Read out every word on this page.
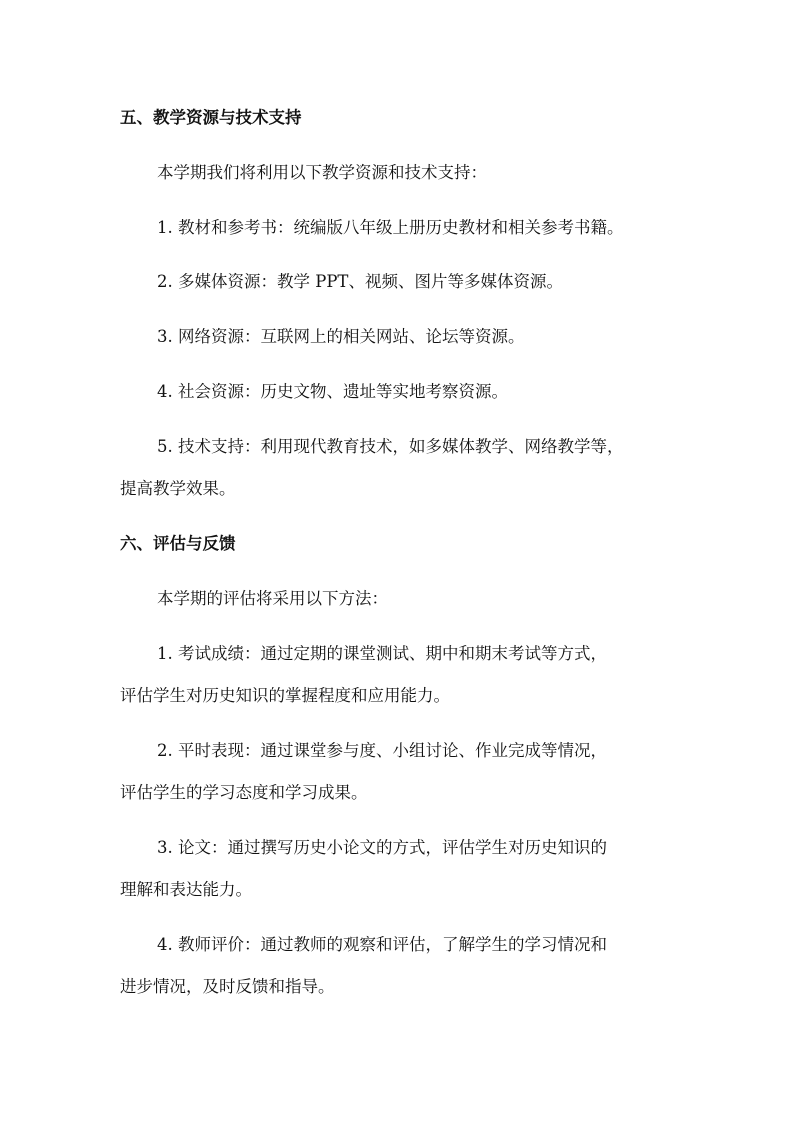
五、教学资源与技术支持
本学期我们将利用以下教学资源和技术支持：
1. 教材和参考书：统编版八年级上册历史教材和相关参考书籍。
2. 多媒体资源：教学 PPT、视频、图片等多媒体资源。
3. 网络资源：互联网上的相关网站、论坛等资源。
4. 社会资源：历史文物、遗址等实地考察资源。
5. 技术支持：利用现代教育技术，如多媒体教学、网络教学等，
提高教学效果。
六、评估与反馈
本学期的评估将采用以下方法：
1. 考试成绩：通过定期的课堂测试、期中和期末考试等方式，
评估学生对历史知识的掌握程度和应用能力。
2. 平时表现：通过课堂参与度、小组讨论、作业完成等情况，
评估学生的学习态度和学习成果。
3. 论文：通过撰写历史小论文的方式，评估学生对历史知识的
理解和表达能力。
4. 教师评价：通过教师的观察和评估，了解学生的学习情况和
进步情况，及时反馈和指导。
